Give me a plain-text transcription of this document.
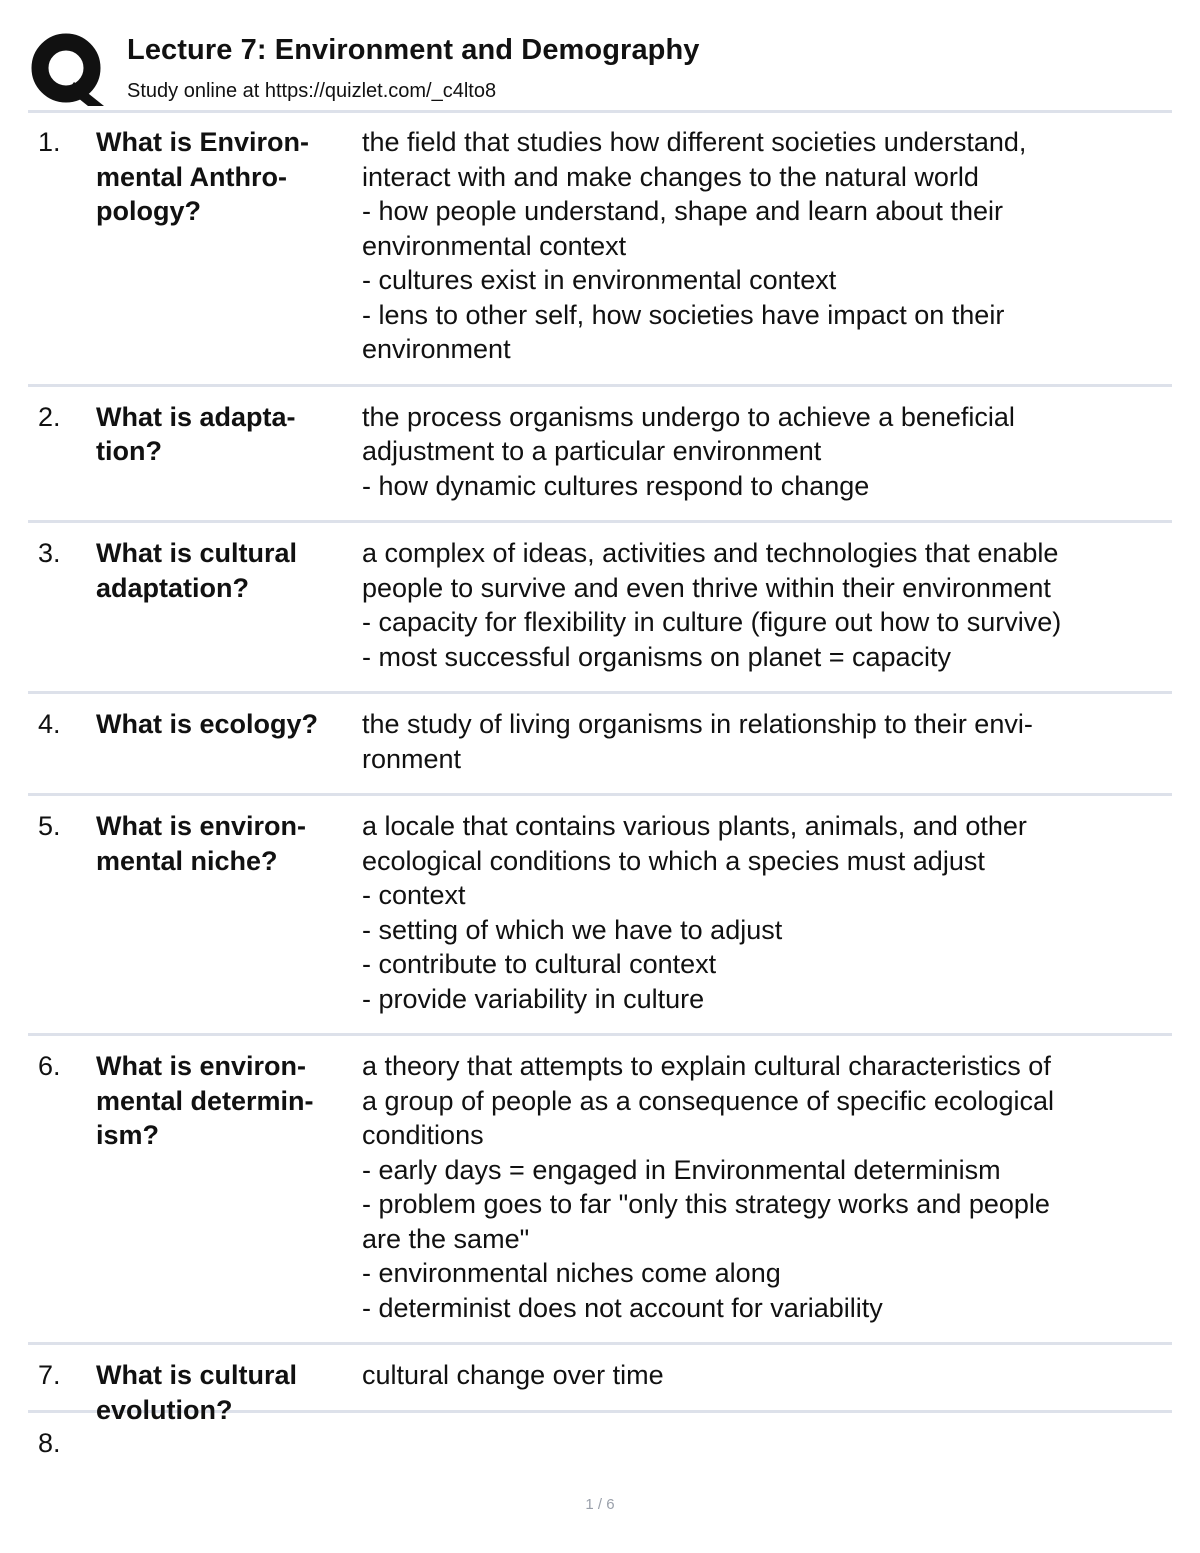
Lecture 7: Environment and Demography
Study online at https://quizlet.com/_c4lto8
1.	What is Environ-
mental Anthro-
pology?
the field that studies how different societies understand,
interact with and make changes to the natural world
- how people understand, shape and learn about their
environmental context
- cultures exist in environmental context
- lens to other self, how societies have impact on their
environment
2.	What is adapta-
tion?
the process organisms undergo to achieve a beneficial
adjustment to a particular environment
- how dynamic cultures respond to change
3.	What is cultural
adaptation?
a complex of ideas, activities and technologies that enable
people to survive and even thrive within their environment
- capacity for flexibility in culture (figure out how to survive)
- most successful organisms on planet = capacity
4.	What is ecology?	the study of living organisms in relationship to their envi-
ronment
5.	What is environ-
mental niche?
a locale that contains various plants, animals, and other
ecological conditions to which a species must adjust
- context
- setting of which we have to adjust
- contribute to cultural context
- provide variability in culture
6.	What is environ-
mental determin-
ism?
a theory that attempts to explain cultural characteristics of
a group of people as a consequence of specific ecological
conditions
- early days = engaged in Environmental determinism
- problem goes to far "only this strategy works and people
are the same"
- environmental niches come along
- determinist does not account for variability
7.	What is cultural
evolution?
cultural change over time
8.
1 / 6
